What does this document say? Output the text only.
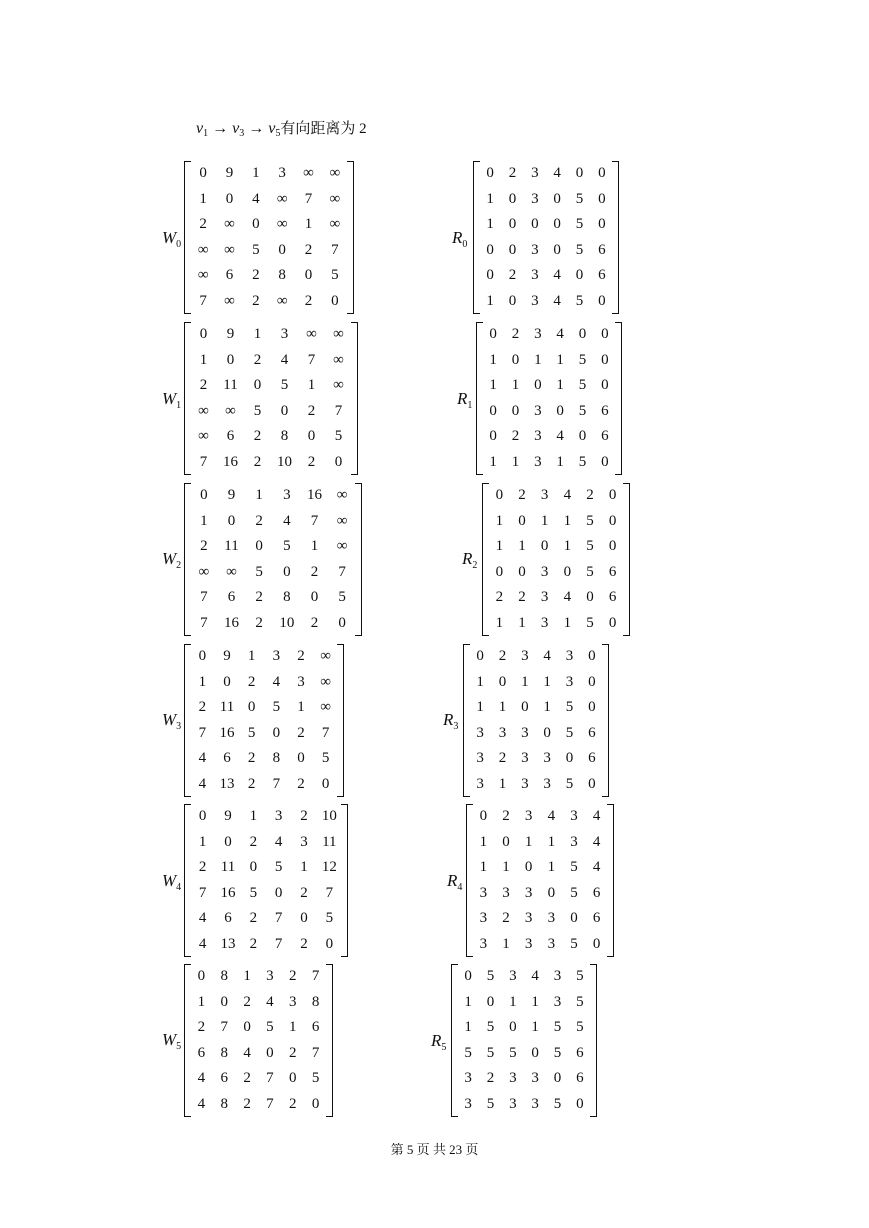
$v_1 \to v_3 \to v_5$有向距离为 2
$W_0$
0	9	1	3	∞	∞
1	0	4	∞	7	∞
2	∞	0	∞	1	∞
∞	∞	5	0	2	7
∞	6	2	8	0	5
7	∞	2	∞	2	0
$R_0$
0 2 3 4 0 0
1 0 3 0 5 0
1 0 0 0 5 0
0 0 3 0 5 6
0 2 3 4 0 6
1 0 3 4 5 0
$W_1$
0	9	1	3	∞	∞
1	0	2	4	7	∞
2	11	0	5	1	∞
∞	∞	5	0	2	7
∞	6	2	8	0	5
7	16	2	10	2	0
$R_1$
0 2 3 4 0 0
1 0 1 1 5 0
1 1 0 1 5 0
0 0 3 0 5 6
0 2 3 4 0 6
1 1 3 1 5 0
$W_2$
0	9	1	3	16 ∞
1	0	2	4	7	∞
2	11	0	5	1	∞
∞	∞	5	0	2	7
7	6	2	8	0	5
7	16	2	10	2	0
$R_2$
0	2	3	4	2	0
1	0	1	1	5	0
1	1	0	1	5	0
0	0	3	0	5	6
2	2	3	4	0	6
1	1	3	1	5	0
$W_3$
0	9	1	3	2	∞
1	0	2	4	3	∞
2 11 0	5	1	∞
7 16 5	0	2	7
4	6	2	8	0	5
4 13 2	7	2	0
$R_3$
0 2 3 4 3 0
1 0 1 1 3 0
1 1 0 1 5 0
3 3 3 0 5 6
3 2 3 3 0 6
3 1 3 3 5 0
$W_4$
0	9	1	3	2 10
1	0	2	4	3 11
2 11 0	5	1 12
7 16 5	0	2	7
4	6	2	7	0	5
4 13 2	7	2	0
$R_4$
0	2	3	4	3	4
1	0	1	1	3	4
1	1	0	1	5	4
3	3	3	0	5	6
3	2	3	3	0	6
3	1	3	3	5	0
$W_5$
0	8	1	3	2	7
1	0	2	4	3	8
2	7	0	5	1	6
6	8	4	0	2	7
4	6	2	7	0	5
4	8	2	7	2	0
$R_5$
0 5 3 4 3 5
1 0 1 1 3 5
1 5 0 1 5 5
5 5 5 0 5 6
3 2 3 3 0 6
3 5 3 3 5 0
第 5 页 共 23 页
